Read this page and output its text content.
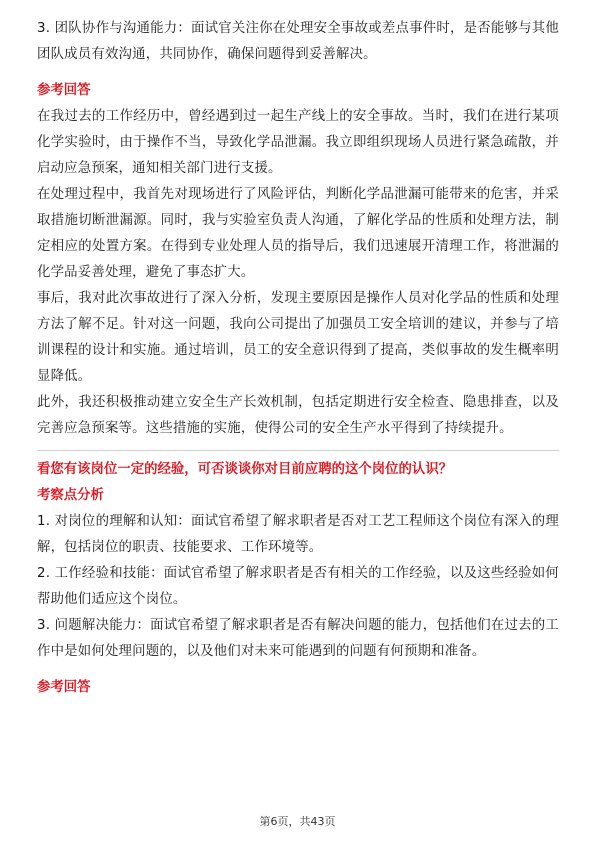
3. 团队协作与沟通能力：面试官关注你在处理安全事故或差点事件时，是否能够与其他团队成员有效沟通，共同协作，确保问题得到妥善解决。

参考回答

在我过去的工作经历中，曾经遇到过一起生产线上的安全事故。当时，我们在进行某项化学实验时，由于操作不当，导致化学品泄漏。我立即组织现场人员进行紧急疏散，并启动应急预案，通知相关部门进行支援。

在处理过程中，我首先对现场进行了风险评估，判断化学品泄漏可能带来的危害，并采取措施切断泄漏源。同时，我与实验室负责人沟通，了解化学品的性质和处理方法，制定相应的处置方案。在得到专业处理人员的指导后，我们迅速展开清理工作，将泄漏的化学品妥善处理，避免了事态扩大。

事后，我对此次事故进行了深入分析，发现主要原因是操作人员对化学品的性质和处理方法了解不足。针对这一问题，我向公司提出了加强员工安全培训的建议，并参与了培训课程的设计和实施。通过培训，员工的安全意识得到了提高，类似事故的发生概率明显降低。

此外，我还积极推动建立安全生产长效机制，包括定期进行安全检查、隐患排查，以及完善应急预案等。这些措施的实施，使得公司的安全生产水平得到了持续提升。

看您有该岗位一定的经验，可否谈谈你对目前应聘的这个岗位的认识？
考察点分析

1. 对岗位的理解和认知：面试官希望了解求职者是否对工艺工程师这个岗位有深入的理解，包括岗位的职责、技能要求、工作环境等。

2. 工作经验和技能：面试官希望了解求职者是否有相关的工作经验，以及这些经验如何帮助他们适应这个岗位。

3. 问题解决能力：面试官希望了解求职者是否有解决问题的能力，包括他们在过去的工作中是如何处理问题的，以及他们对未来可能遇到的问题有何预期和准备。

参考回答
第6页，共43页
